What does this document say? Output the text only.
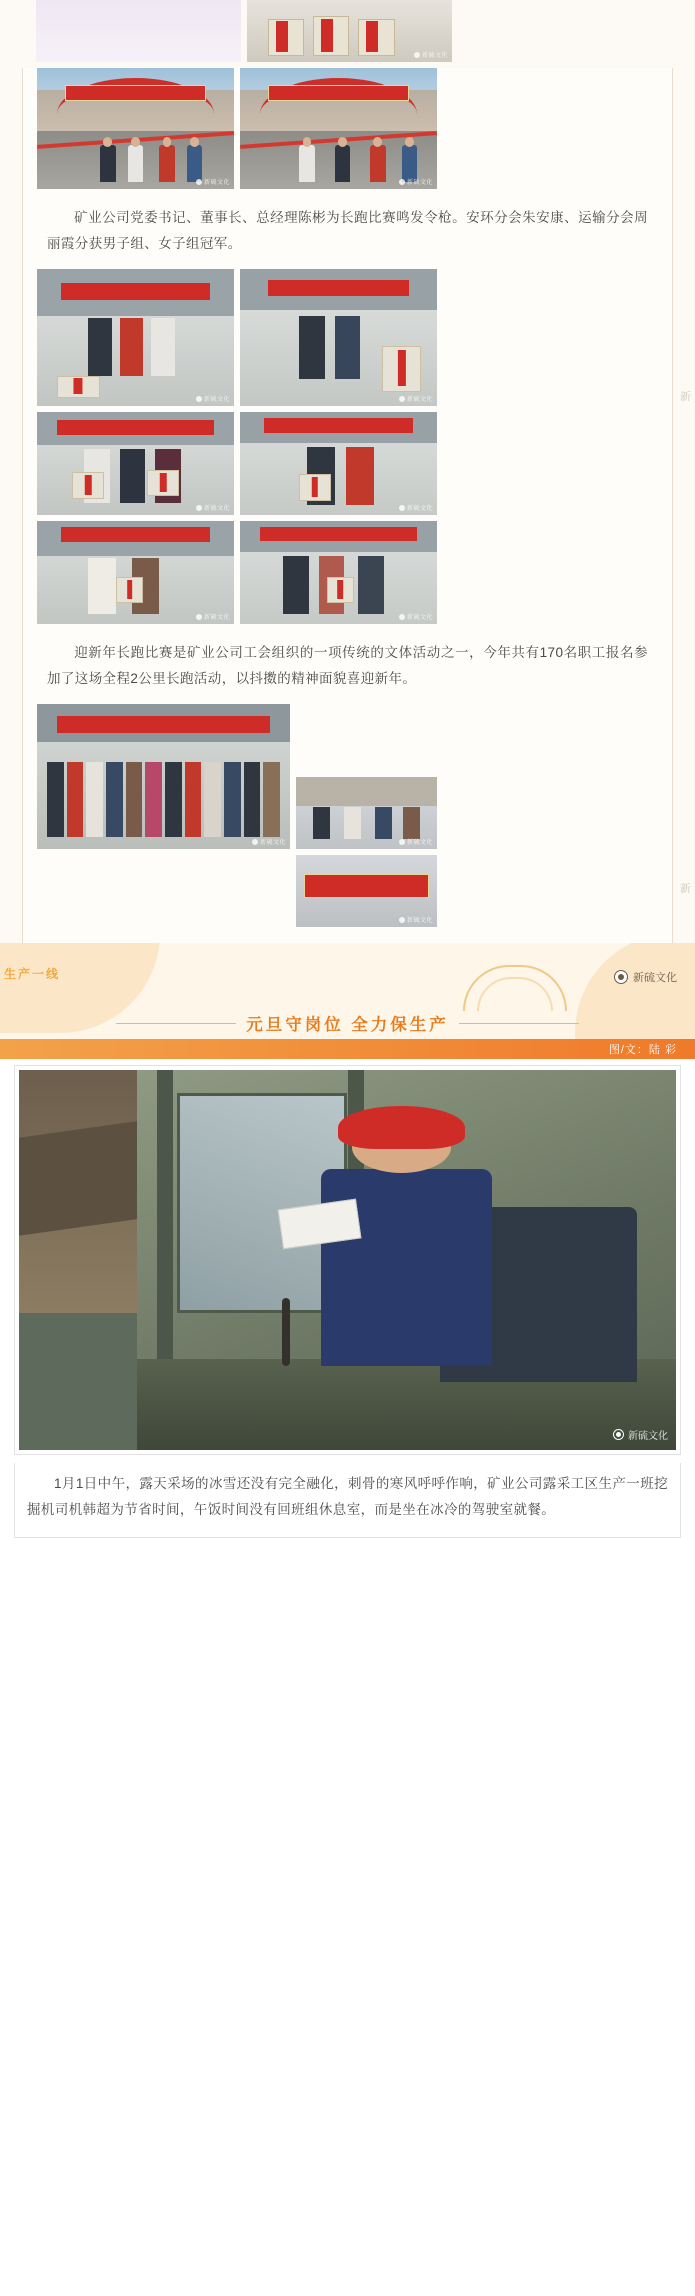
新硫文化
新硫文化	新硫文化
矿业公司党委书记、董事长、总经理陈彬为长跑比赛鸣发令枪。安环分会朱安康、运输分会周丽霞分获男子组、女子组冠军。
新硫文化	新硫文化
新硫文化	新硫文化
新硫文化	新硫文化
迎新年长跑比赛是矿业公司工会组织的一项传统的文体活动之一，今年共有170名职工报名参加了这场全程2公里长跑活动，以抖擞的精神面貌喜迎新年。
新硫文化	新硫文化
新硫文化
新
新
生产一线	新硫文化
元旦守岗位 全力保生产
图/文：陆 彩
新硫文化
1月1日中午，露天采场的冰雪还没有完全融化，刺骨的寒风呼呼作响，矿业公司露采工区生产一班挖掘机司机韩超为节省时间，午饭时间没有回班组休息室，而是坐在冰冷的驾驶室就餐。
